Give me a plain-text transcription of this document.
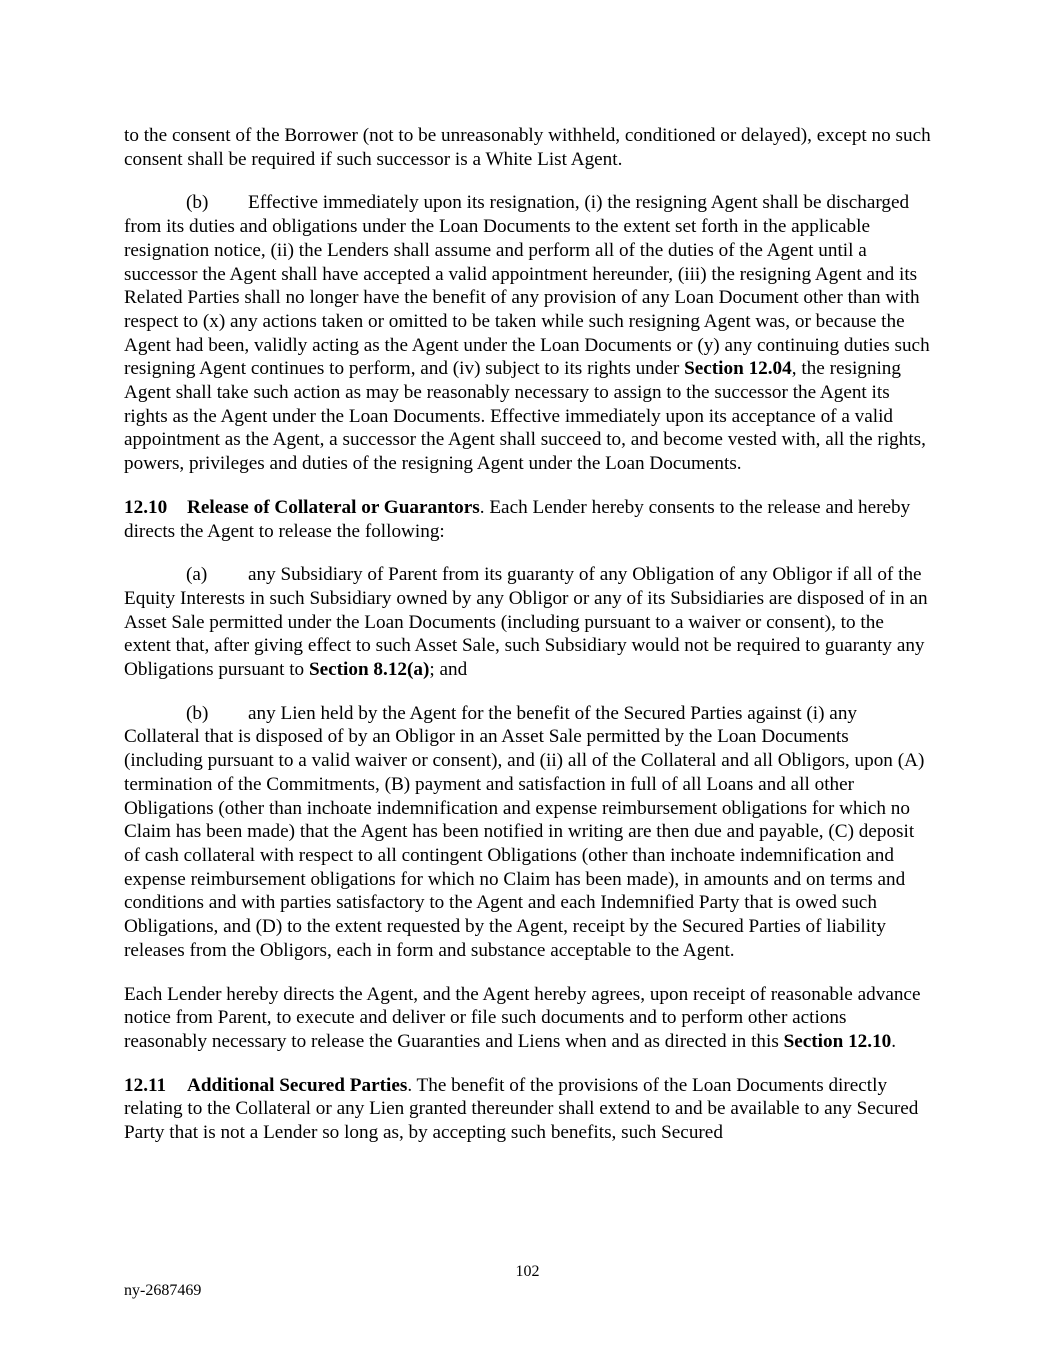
to the consent of the Borrower (not to be unreasonably withheld, conditioned or delayed), except no such consent shall be required if such successor is a White List Agent.

(b) Effective immediately upon its resignation, (i) the resigning Agent shall be discharged from its duties and obligations under the Loan Documents to the extent set forth in the applicable resignation notice, (ii) the Lenders shall assume and perform all of the duties of the Agent until a successor the Agent shall have accepted a valid appointment hereunder, (iii) the resigning Agent and its Related Parties shall no longer have the benefit of any provision of any Loan Document other than with respect to (x) any actions taken or omitted to be taken while such resigning Agent was, or because the Agent had been, validly acting as the Agent under the Loan Documents or (y) any continuing duties such resigning Agent continues to perform, and (iv) subject to its rights under Section 12.04, the resigning Agent shall take such action as may be reasonably necessary to assign to the successor the Agent its rights as the Agent under the Loan Documents. Effective immediately upon its acceptance of a valid appointment as the Agent, a successor the Agent shall succeed to, and become vested with, all the rights, powers, privileges and duties of the resigning Agent under the Loan Documents.

12.10 Release of Collateral or Guarantors. Each Lender hereby consents to the release and hereby directs the Agent to release the following:

(a) any Subsidiary of Parent from its guaranty of any Obligation of any Obligor if all of the Equity Interests in such Subsidiary owned by any Obligor or any of its Subsidiaries are disposed of in an Asset Sale permitted under the Loan Documents (including pursuant to a waiver or consent), to the extent that, after giving effect to such Asset Sale, such Subsidiary would not be required to guaranty any Obligations pursuant to Section 8.12(a); and

(b) any Lien held by the Agent for the benefit of the Secured Parties against (i) any Collateral that is disposed of by an Obligor in an Asset Sale permitted by the Loan Documents (including pursuant to a valid waiver or consent), and (ii) all of the Collateral and all Obligors, upon (A) termination of the Commitments, (B) payment and satisfaction in full of all Loans and all other Obligations (other than inchoate indemnification and expense reimbursement obligations for which no Claim has been made) that the Agent has been notified in writing are then due and payable, (C) deposit of cash collateral with respect to all contingent Obligations (other than inchoate indemnification and expense reimbursement obligations for which no Claim has been made), in amounts and on terms and conditions and with parties satisfactory to the Agent and each Indemnified Party that is owed such Obligations, and (D) to the extent requested by the Agent, receipt by the Secured Parties of liability releases from the Obligors, each in form and substance acceptable to the Agent.

Each Lender hereby directs the Agent, and the Agent hereby agrees, upon receipt of reasonable advance notice from Parent, to execute and deliver or file such documents and to perform other actions reasonably necessary to release the Guaranties and Liens when and as directed in this Section 12.10.

12.11 Additional Secured Parties. The benefit of the provisions of the Loan Documents directly relating to the Collateral or any Lien granted thereunder shall extend to and be available to any Secured Party that is not a Lender so long as, by accepting such benefits, such Secured

102
ny-2687469
